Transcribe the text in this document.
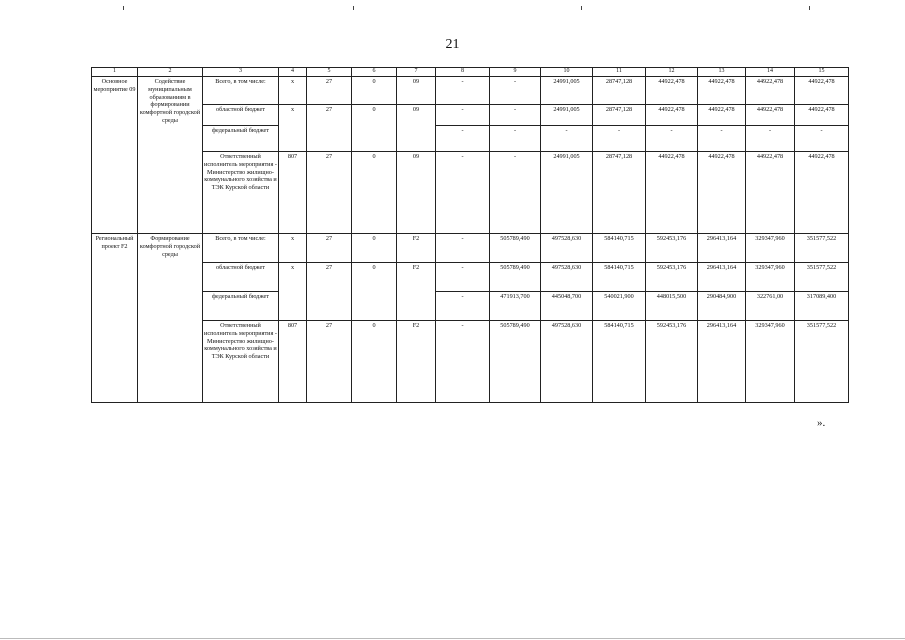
21
1	2	3	4	5	6	7	8	9	10	11	12	13	14	15
Основное мероприятие 09	Содействие муниципальным образованиям в формировании комфортной городской среды	Всего, в том числе:	х	27	0	09	-	-	24991,005	28747,128	44922,478	44922,478	44922,478	44922,478
		областной бюджет	х	27	0	09	-	-	24991,005	28747,128	44922,478	44922,478	44922,478	44922,478
		федеральный бюджет					-	-	-	-	-	-	-	-
		Ответственный исполнитель мероприятия - Министерство жилищно-коммунального хозяйства и ТЭК Курской области	807	27	0	09	-	-	24991,005	28747,128	44922,478	44922,478	44922,478	44922,478
Региональный проект F2	Формирование комфортной городской среды	Всего, в том числе:	х	27	0	F2	-	505789,490	497528,630	584140,715	592453,176	296413,164	329347,960	351577,522
		областной бюджет	х	27	0	F2	-	505789,490	497528,630	584140,715	592453,176	296413,164	329347,960	351577,522
		федеральный бюджет					-	471913,700	445048,700	540021,900	448015,500	290484,900	322761,00	317089,400
		Ответственный исполнитель мероприятия - Министерство жилищно-коммунального хозяйства и ТЭК Курской области	807	27	0	F2	-	505789,490	497528,630	584140,715	592453,176	296413,164	329347,960	351577,522
».
